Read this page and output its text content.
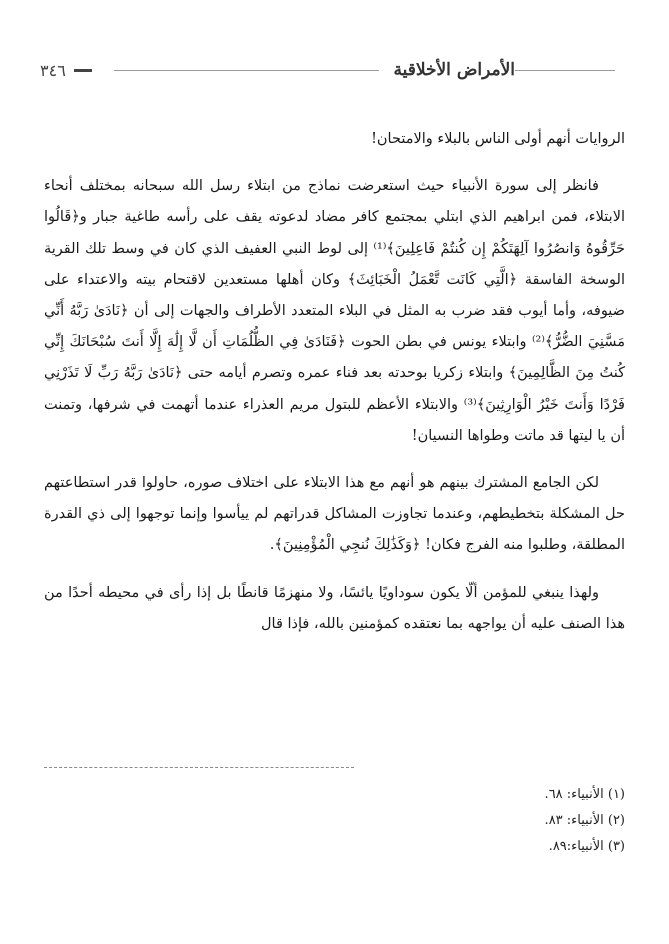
الأمراض الأخلاقية
٣٤٦

الروايات أنهم أولى الناس بالبلاء والامتحان!

فانظر إلى سورة الأنبياء حيث استعرضت نماذج من ابتلاء رسل الله سبحانه بمختلف أنحاء الابتلاء، فمن ابراهيم الذي ابتلي بمجتمع كافر مضاد لدعوته يقف على رأسه طاغية جبار و﴿قَالُوا حَرِّقُوهُ وَانصُرُوا آلِهَتَكُمْ إِن كُنتُمْ فَاعِلِينَ﴾⁽¹⁾ إلى لوط النبي العفيف الذي كان في وسط تلك القرية الوسخة الفاسقة ﴿الَّتِي كَانَت تَّعْمَلُ الْخَبَائِثَ﴾ وكان أهلها مستعدين لاقتحام بيته والاعتداء على ضيوفه، وأما أيوب فقد ضرب به المثل في البلاء المتعدد الأطراف والجهات إلى أن ﴿نَادَىٰ رَبَّهُ أَنِّي مَسَّنِيَ الضُّرُّ﴾⁽²⁾ وابتلاء يونس في بطن الحوت ﴿فَنَادَىٰ فِي الظُّلُمَاتِ أَن لَّا إِلَٰهَ إِلَّا أَنتَ سُبْحَانَكَ إِنِّي كُنتُ مِنَ الظَّالِمِينَ﴾ وابتلاء زكريا بوحدته بعد فناء عمره وتصرم أيامه حتى ﴿نَادَىٰ رَبَّهُ رَبِّ لَا تَذَرْنِي فَرْدًا وَأَنتَ خَيْرُ الْوَارِثِينَ﴾⁽³⁾ والابتلاء الأعظم للبتول مريم العذراء عندما أتهمت في شرفها، وتمنت أن يا ليتها قد ماتت وطواها النسيان!

لكن الجامع المشترك بينهم هو أنهم مع هذا الابتلاء على اختلاف صوره، حاولوا قدر استطاعتهم حل المشكلة بتخطيطهم، وعندما تجاوزت المشاكل قدراتهم لم ييأسوا وإنما توجهوا إلى ذي القدرة المطلقة، وطلبوا منه الفرج فكان! ﴿وَكَذَٰلِكَ نُنجِي الْمُؤْمِنِينَ﴾.

ولهذا ينبغي للمؤمن ألّا يكون سوداويًا يائسًا، ولا منهزمًا قانطًا بل إذا رأى في محيطه أحدًا من هذا الصنف عليه أن يواجهه بما نعتقده كمؤمنين بالله، فإذا قال

(١) الأنبياء: ٦٨.
(٢) الأنبياء: ٨٣.
(٣) الأنبياء:٨٩.
